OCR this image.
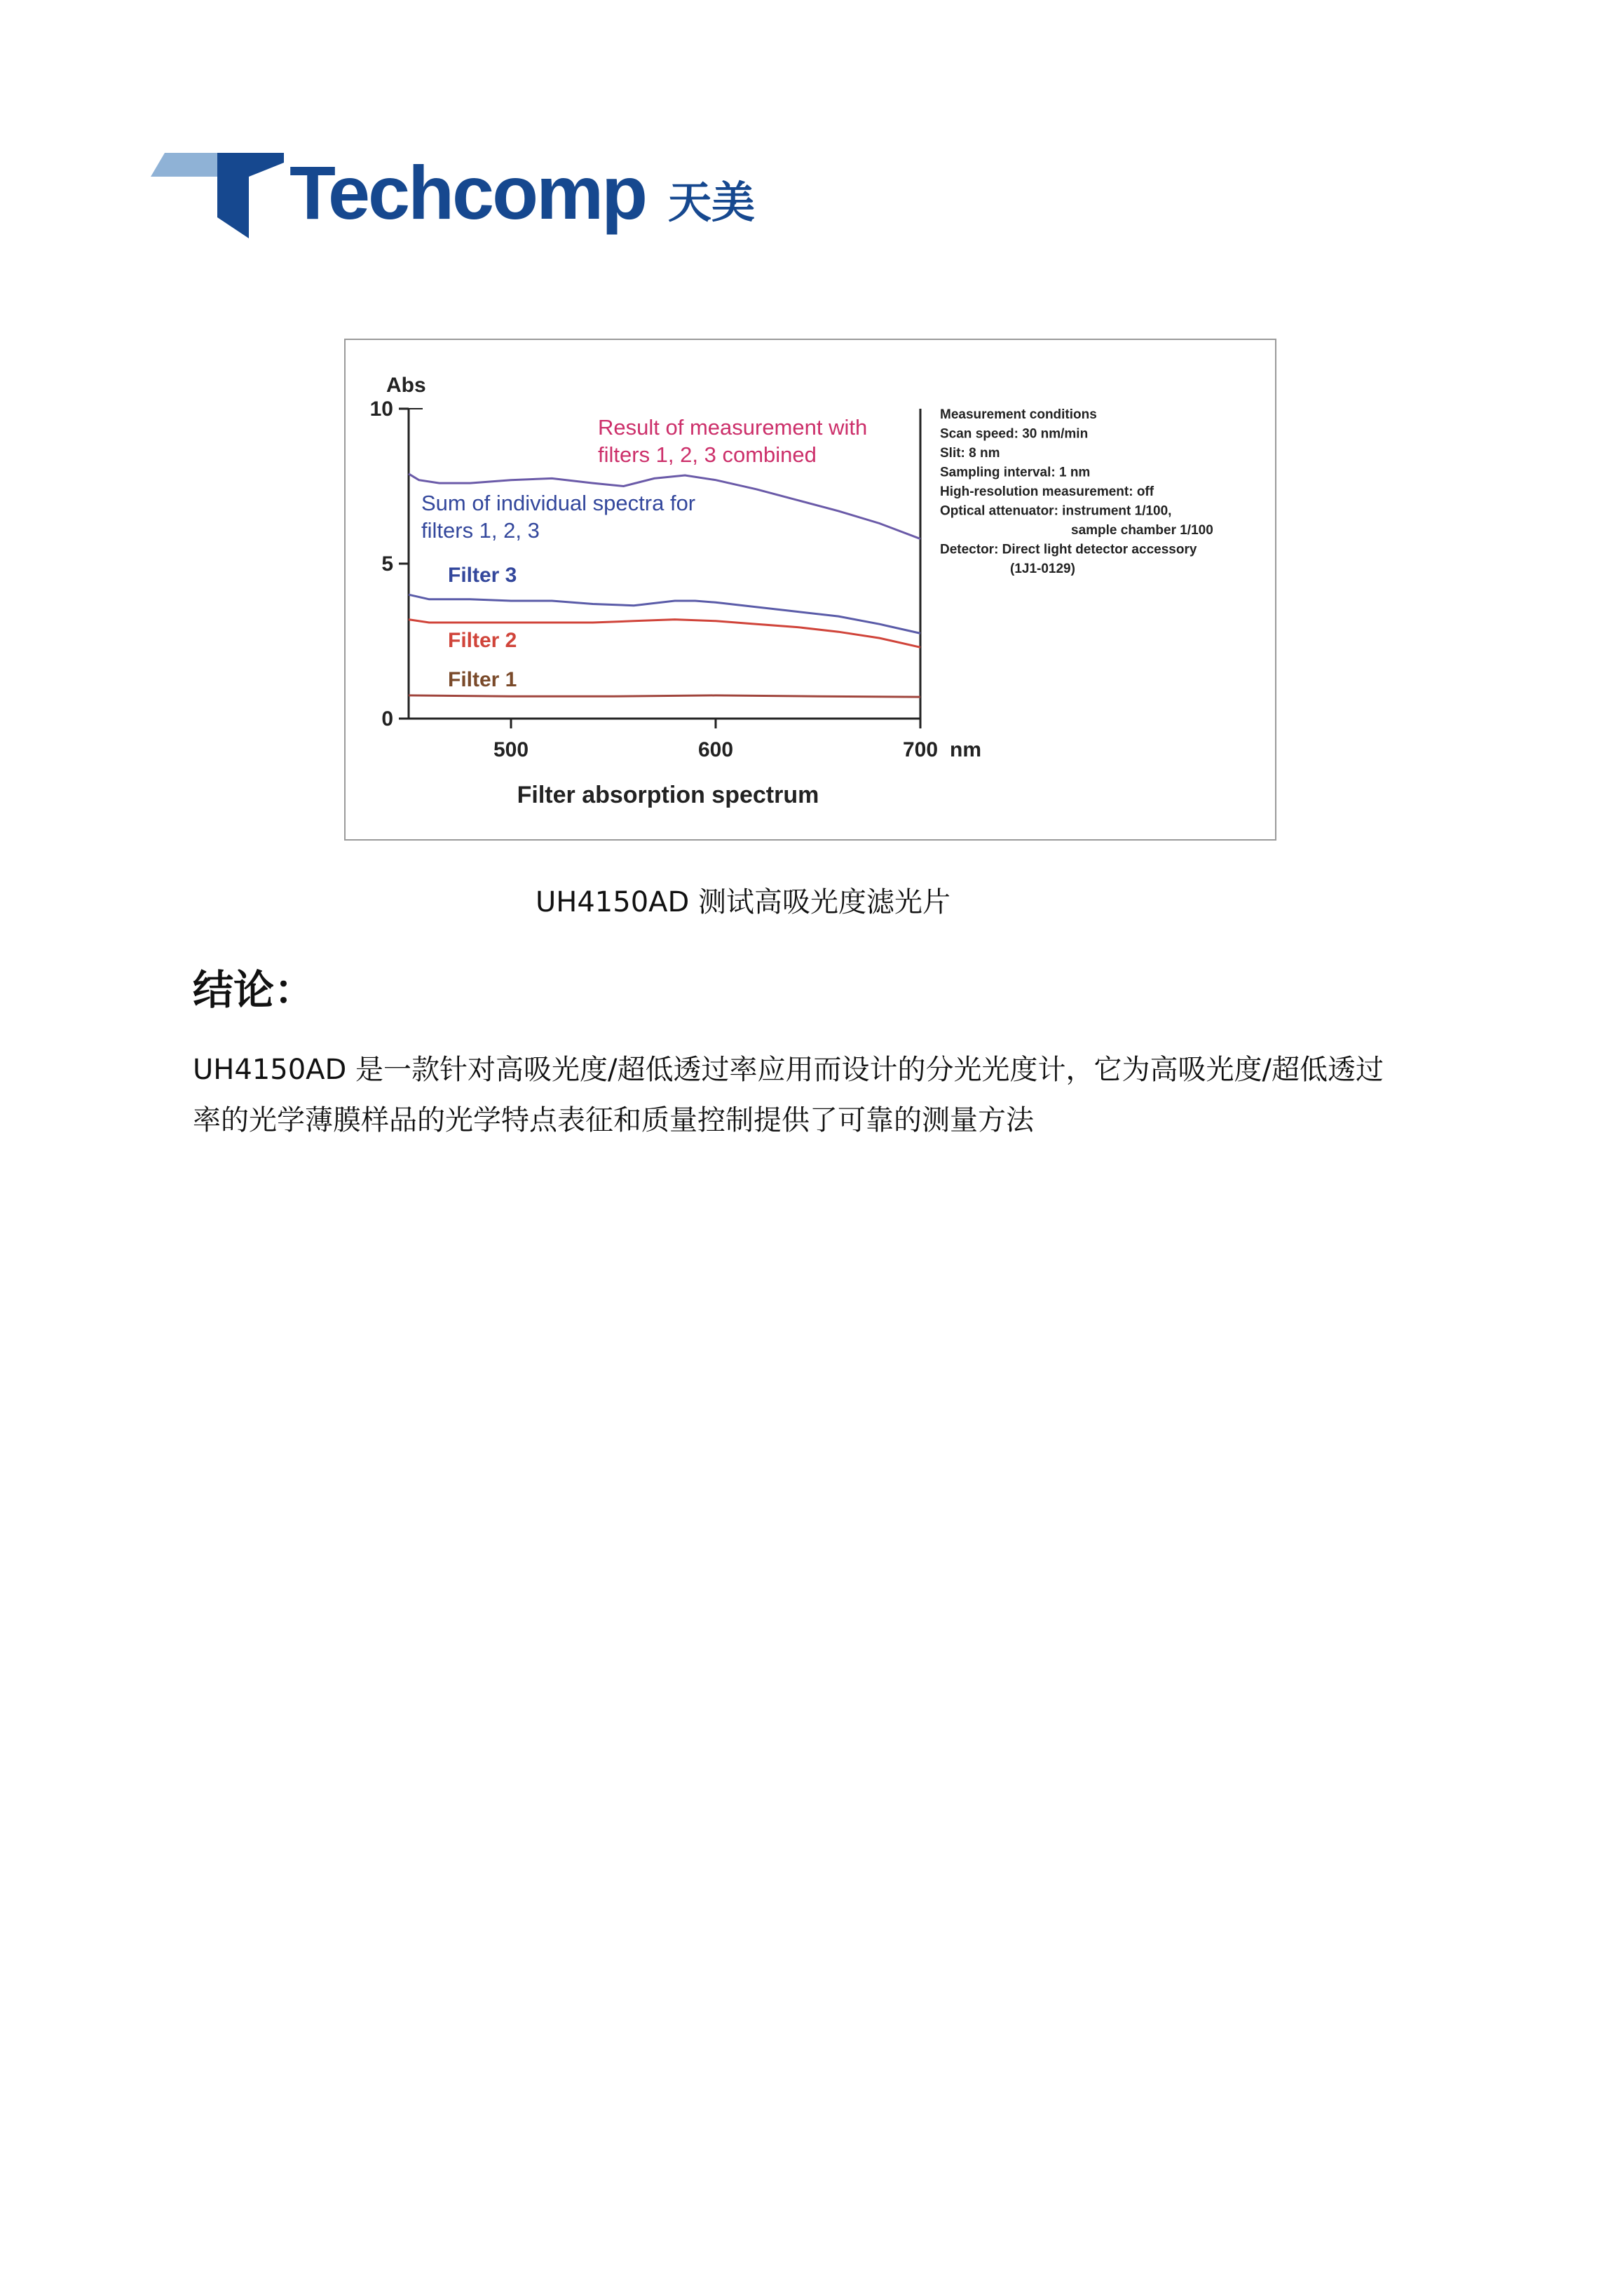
Techcomp 天美
Abs
0
5
10
500	600	700 nm
Filter absorption spectrum
Result of measurement with
filters 1, 2, 3 combined
Sum of individual spectra for
filters 1, 2, 3
Filter 3
Filter 2
Filter 1
Measurement conditions
Scan speed: 30 nm/min
Slit: 8 nm
Sampling interval: 1 nm
High-resolution measurement: off
Optical attenuator: instrument 1/100,
sample chamber 1/100
Detector: Direct light detector accessory
(1J1-0129)
UH4150AD 测试高吸光度滤光片
结论：
UH4150AD 是一款针对高吸光度/超低透过率应用而设计的分光光度计，它为高吸光度/超低透过
率的光学薄膜样品的光学特点表征和质量控制提供了可靠的测量方法
